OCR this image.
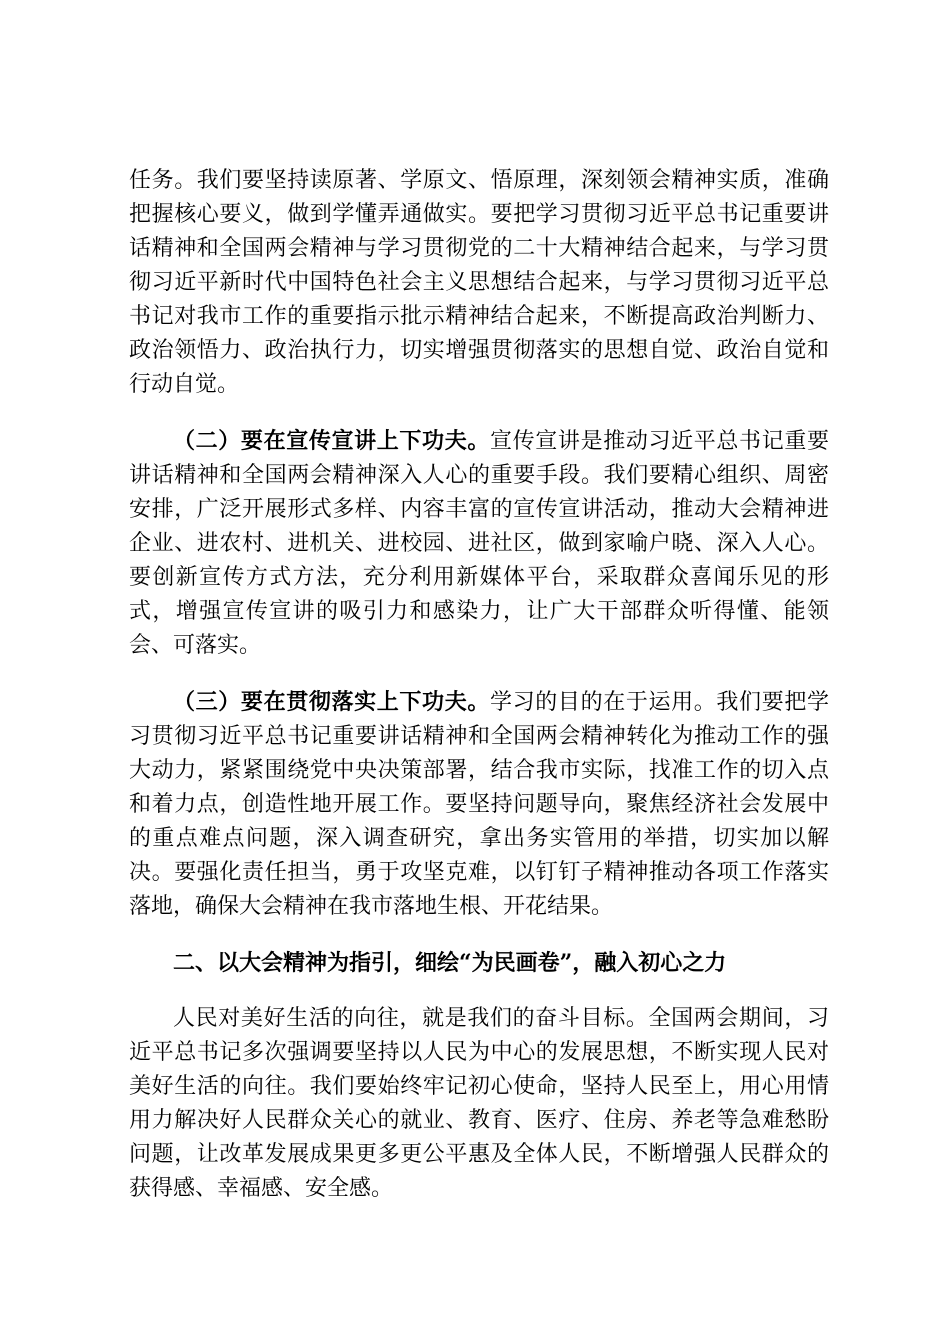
任务。我们要坚持读原著、学原文、悟原理，深刻领会精神实质，准确把握核心要义，做到学懂弄通做实。要把学习贯彻习近平总书记重要讲话精神和全国两会精神与学习贯彻党的二十大精神结合起来，与学习贯彻习近平新时代中国特色社会主义思想结合起来，与学习贯彻习近平总书记对我市工作的重要指示批示精神结合起来，不断提高政治判断力、政治领悟力、政治执行力，切实增强贯彻落实的思想自觉、政治自觉和行动自觉。

（二）要在宣传宣讲上下功夫。宣传宣讲是推动习近平总书记重要讲话精神和全国两会精神深入人心的重要手段。我们要精心组织、周密安排，广泛开展形式多样、内容丰富的宣传宣讲活动，推动大会精神进企业、进农村、进机关、进校园、进社区，做到家喻户晓、深入人心。要创新宣传方式方法，充分利用新媒体平台，采取群众喜闻乐见的形式，增强宣传宣讲的吸引力和感染力，让广大干部群众听得懂、能领会、可落实。

（三）要在贯彻落实上下功夫。学习的目的在于运用。我们要把学习贯彻习近平总书记重要讲话精神和全国两会精神转化为推动工作的强大动力，紧紧围绕党中央决策部署，结合我市实际，找准工作的切入点和着力点，创造性地开展工作。要坚持问题导向，聚焦经济社会发展中的重点难点问题，深入调查研究，拿出务实管用的举措，切实加以解决。要强化责任担当，勇于攻坚克难，以钉钉子精神推动各项工作落实落地，确保大会精神在我市落地生根、开花结果。

二、以大会精神为指引，细绘“为民画卷”，融入初心之力

人民对美好生活的向往，就是我们的奋斗目标。全国两会期间，习近平总书记多次强调要坚持以人民为中心的发展思想，不断实现人民对美好生活的向往。我们要始终牢记初心使命，坚持人民至上，用心用情用力解决好人民群众关心的就业、教育、医疗、住房、养老等急难愁盼问题，让改革发展成果更多更公平惠及全体人民，不断增强人民群众的获得感、幸福感、安全感。
